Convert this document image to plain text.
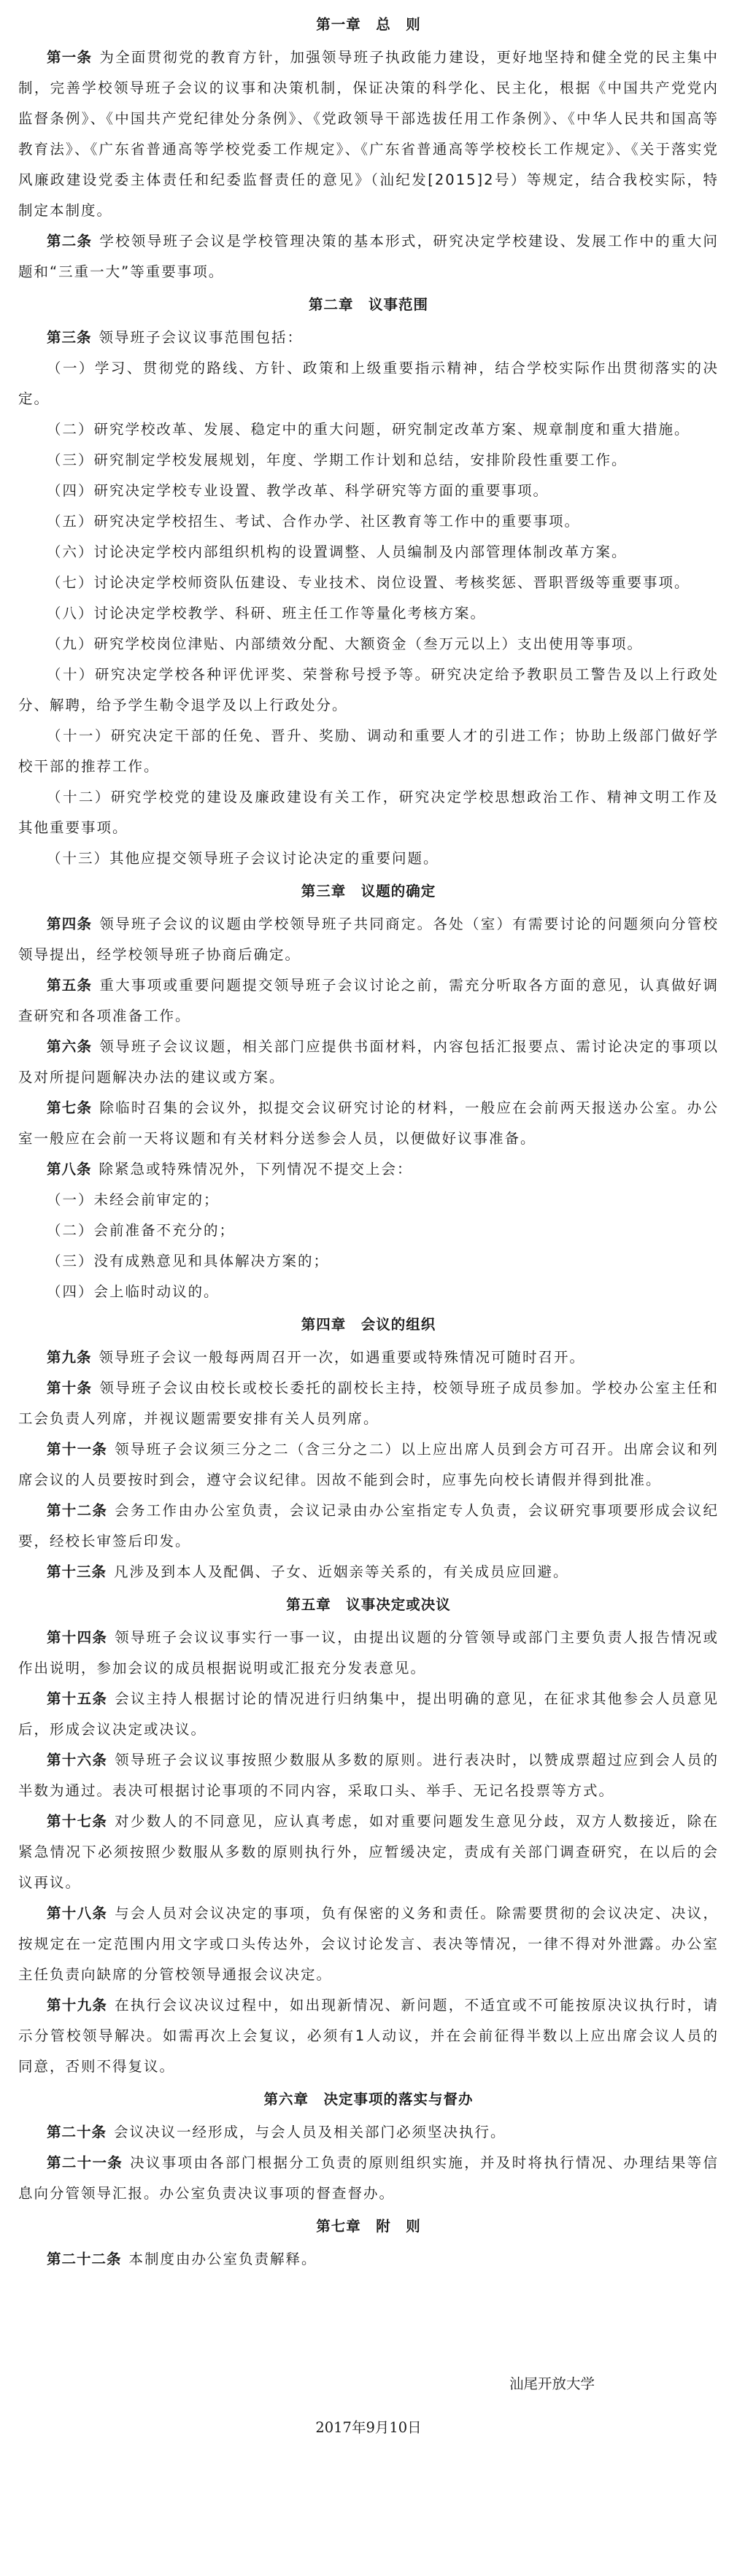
第一章　总　则

第一条 为全面贯彻党的教育方针，加强领导班子执政能力建设，更好地坚持和健全党的民主集中制，完善学校领导班子会议的议事和决策机制，保证决策的科学化、民主化，根据《中国共产党党内监督条例》、《中国共产党纪律处分条例》、《党政领导干部选拔任用工作条例》、《中华人民共和国高等教育法》、《广东省普通高等学校党委工作规定》、《广东省普通高等学校校长工作规定》、《关于落实党风廉政建设党委主体责任和纪委监督责任的意见》（汕纪发[2015]2号）等规定，结合我校实际，特制定本制度。

第二条 学校领导班子会议是学校管理决策的基本形式，研究决定学校建设、发展工作中的重大问题和“三重一大”等重要事项。

第二章　议事范围

第三条 领导班子会议议事范围包括：

（一）学习、贯彻党的路线、方针、政策和上级重要指示精神，结合学校实际作出贯彻落实的决定。

（二）研究学校改革、发展、稳定中的重大问题，研究制定改革方案、规章制度和重大措施。

（三）研究制定学校发展规划，年度、学期工作计划和总结，安排阶段性重要工作。

（四）研究决定学校专业设置、教学改革、科学研究等方面的重要事项。

（五）研究决定学校招生、考试、合作办学、社区教育等工作中的重要事项。

（六）讨论决定学校内部组织机构的设置调整、人员编制及内部管理体制改革方案。

（七）讨论决定学校师资队伍建设、专业技术、岗位设置、考核奖惩、晋职晋级等重要事项。

（八）讨论决定学校教学、科研、班主任工作等量化考核方案。

（九）研究学校岗位津贴、内部绩效分配、大额资金（叁万元以上）支出使用等事项。

（十）研究决定学校各种评优评奖、荣誉称号授予等。研究决定给予教职员工警告及以上行政处分、解聘，给予学生勒令退学及以上行政处分。

（十一）研究决定干部的任免、晋升、奖励、调动和重要人才的引进工作；协助上级部门做好学校干部的推荐工作。

（十二）研究学校党的建设及廉政建设有关工作，研究决定学校思想政治工作、精神文明工作及其他重要事项。

（十三）其他应提交领导班子会议讨论决定的重要问题。

第三章　议题的确定

第四条 领导班子会议的议题由学校领导班子共同商定。各处（室）有需要讨论的问题须向分管校领导提出，经学校领导班子协商后确定。

第五条 重大事项或重要问题提交领导班子会议讨论之前，需充分听取各方面的意见，认真做好调查研究和各项准备工作。

第六条 领导班子会议议题，相关部门应提供书面材料，内容包括汇报要点、需讨论决定的事项以及对所提问题解决办法的建议或方案。

第七条 除临时召集的会议外，拟提交会议研究讨论的材料，一般应在会前两天报送办公室。办公室一般应在会前一天将议题和有关材料分送参会人员，以便做好议事准备。

第八条 除紧急或特殊情况外，下列情况不提交上会：

（一）未经会前审定的；

（二）会前准备不充分的；

（三）没有成熟意见和具体解决方案的；

（四）会上临时动议的。

第四章　会议的组织

第九条 领导班子会议一般每两周召开一次，如遇重要或特殊情况可随时召开。

第十条 领导班子会议由校长或校长委托的副校长主持，校领导班子成员参加。学校办公室主任和工会负责人列席，并视议题需要安排有关人员列席。

第十一条 领导班子会议须三分之二（含三分之二）以上应出席人员到会方可召开。出席会议和列席会议的人员要按时到会，遵守会议纪律。因故不能到会时，应事先向校长请假并得到批准。

第十二条 会务工作由办公室负责，会议记录由办公室指定专人负责，会议研究事项要形成会议纪要，经校长审签后印发。

第十三条 凡涉及到本人及配偶、子女、近姻亲等关系的，有关成员应回避。

第五章　议事决定或决议

第十四条 领导班子会议议事实行一事一议，由提出议题的分管领导或部门主要负责人报告情况或作出说明，参加会议的成员根据说明或汇报充分发表意见。

第十五条 会议主持人根据讨论的情况进行归纳集中，提出明确的意见，在征求其他参会人员意见后，形成会议决定或决议。

第十六条 领导班子会议议事按照少数服从多数的原则。进行表决时，以赞成票超过应到会人员的半数为通过。表决可根据讨论事项的不同内容，采取口头、举手、无记名投票等方式。

第十七条 对少数人的不同意见，应认真考虑，如对重要问题发生意见分歧，双方人数接近，除在紧急情况下必须按照少数服从多数的原则执行外，应暂缓决定，责成有关部门调查研究，在以后的会议再议。

第十八条 与会人员对会议决定的事项，负有保密的义务和责任。除需要贯彻的会议决定、决议，按规定在一定范围内用文字或口头传达外，会议讨论发言、表决等情况，一律不得对外泄露。办公室主任负责向缺席的分管校领导通报会议决定。

第十九条 在执行会议决议过程中，如出现新情况、新问题，不适宜或不可能按原决议执行时，请示分管校领导解决。如需再次上会复议，必须有1人动议，并在会前征得半数以上应出席会议人员的同意，否则不得复议。

第六章　决定事项的落实与督办

第二十条 会议决议一经形成，与会人员及相关部门必须坚决执行。

第二十一条 决议事项由各部门根据分工负责的原则组织实施，并及时将执行情况、办理结果等信息向分管领导汇报。办公室负责决议事项的督查督办。

第七章　附　则

第二十二条 本制度由办公室负责解释。

汕尾开放大学
2017年9月10日
